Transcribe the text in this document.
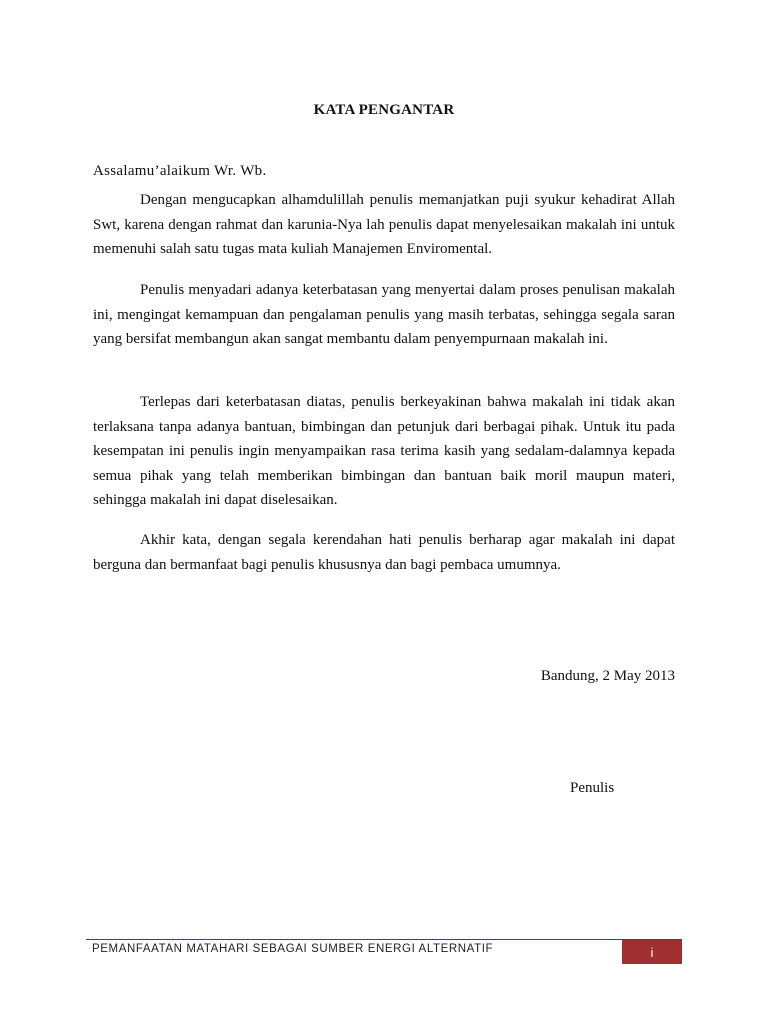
KATA PENGANTAR
Assalamu’alaikum Wr. Wb.

Dengan mengucapkan alhamdulillah penulis memanjatkan puji syukur kehadirat Allah Swt, karena dengan rahmat dan karunia-Nya lah penulis dapat menyelesaikan makalah ini untuk memenuhi salah satu tugas mata kuliah Manajemen Enviromental.

Penulis menyadari adanya keterbatasan yang menyertai dalam proses penulisan makalah ini, mengingat kemampuan dan pengalaman penulis yang masih terbatas, sehingga segala saran yang bersifat membangun akan sangat membantu dalam penyempurnaan makalah ini.

Terlepas dari keterbatasan diatas, penulis berkeyakinan bahwa makalah ini tidak akan terlaksana tanpa adanya bantuan, bimbingan dan petunjuk dari berbagai pihak. Untuk itu pada kesempatan ini penulis ingin menyampaikan rasa terima kasih yang sedalam-dalamnya kepada semua pihak yang telah memberikan bimbingan dan bantuan baik moril maupun materi, sehingga makalah ini dapat diselesaikan.

Akhir kata, dengan segala kerendahan hati penulis berharap agar makalah ini dapat berguna dan bermanfaat bagi penulis khususnya dan bagi pembaca umumnya.

Bandung, 2 May 2013
Penulis
PEMANFAATAN MATAHARI SEBAGAI SUMBER ENERGI ALTERNATIF	i
